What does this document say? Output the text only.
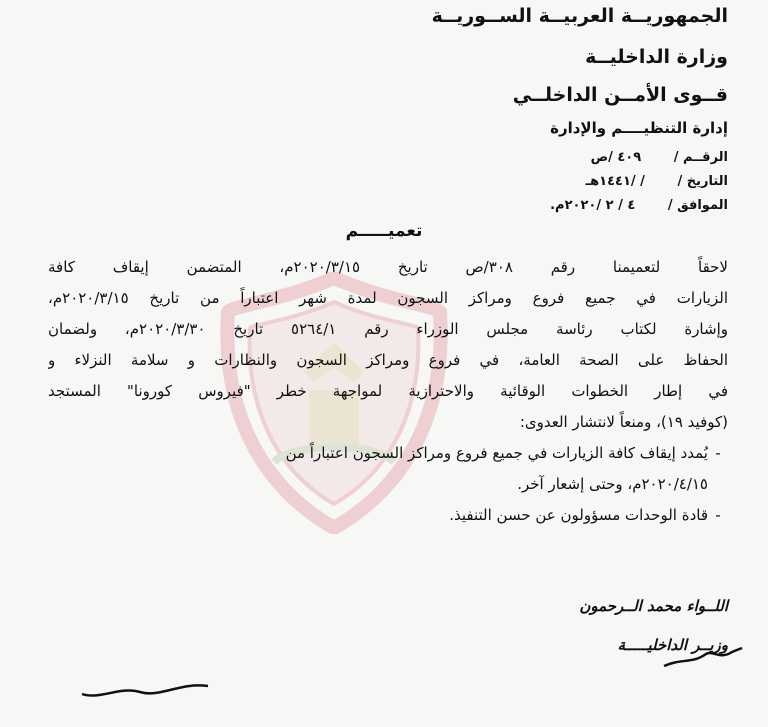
الجمهوريــة العربيــة الســوريــة
وزارة الداخليــة
قــوى الأمــن الداخلــي
إدارة التنظيــــم والإدارة
الرقــم / ٤٠٩ /ص
التاريخ / / /١٤٤١هـ
الموافق / ٤ / ٢ /٢٠٢٠م.
تعميـــــم
لاحقاً لتعميمنا رقم ٣٠٨/ص تاريخ ٢٠٢٠/٣/١٥م، المتضمن إيقاف كافة
الزيارات في جميع فروع ومراكز السجون لمدة شهر اعتباراً من تاريخ ٢٠٢٠/٣/١٥م،
وإشارة لكتاب رئاسة مجلس الوزراء رقم ٥٢٦٤/١ تاريخ ٢٠٢٠/٣/٣٠م، ولضمان
الحفاظ على الصحة العامة، في فروع ومراكز السجون والنظارات و سلامة النزلاء و
في إطار الخطوات الوقائية والاحترازية لمواجهة خطر "فيروس كورونا" المستجد
(كوفيد ١٩)، ومنعاً لانتشار العدوى:
-يُمدد إيقاف كافة الزيارات في جميع فروع ومراكز السجون اعتباراً من
٢٠٢٠/٤/١٥م، وحتى إشعار آخر.
-قادة الوحدات مسؤولون عن حسن التنفيذ.
اللــواء محمد الــرحمون
وزيــر الداخليـــــة
